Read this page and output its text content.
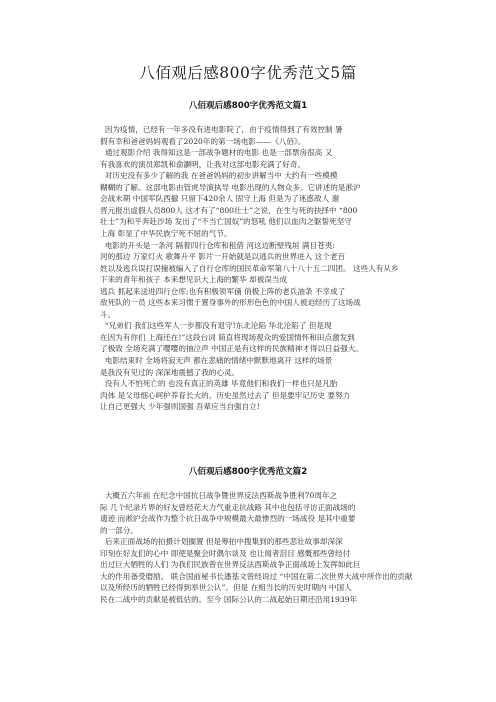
八佰观后感800字优秀范文5篇
八佰观后感800字优秀范文篇1
因为疫情，已经有一年多没有进电影院了，由于疫情得到了有效控制 暑
假有幸和爸爸妈妈观看了2020年的第一场电影——《八佰》。
通过观影介绍 我得知这是一部战争题材的电影 也是一部票房很高 又
有我喜欢的演员郑凯和俞灏明，让我对这部电影充满了好奇。
对历史没有多少了解的我 在爸爸妈妈的初步讲解当中 大约有一些模模
糊糊的了解。这部电影由管虎导演执导 电影出现的人物众多。它讲述的是淞沪
会战末期 中国军队西撤 只留下420余人 固守上海 但是为了迷惑敌人 谢
晋元报出虚假人员800人 这才有了“800壮士”之说，在生与死的抉择中 “800
壮士”为和平奔赴沙场 发出了“不当亡国奴”的怒吼 他们以血肉之躯誓死坚守
上海 彰显了中华民族宁死不屈的气节。
电影的开头是一条河 隔着四行仓库和租借 河这边断壁残垣 满目苍夷;
河的那边 万家灯火 歌舞升平 影片一开始就是以逃兵的世界进入 这个老百
姓以及逃兵误打误撞被编入了自行仓库的国民革命军第八十八十五二四团。 这些人有从乡
下来的青年和孩子 本来想见识大上海的繁华 却被误当成
逃兵 抓起来送进四行仓库;也有积极领军俑 俏极上阵的老兵油条 不幸成了
敌死队的一员 这些本来习惯于置身事外的形形色色的中国人被迫经历了这场战
斗。
“兄弟们 我们这些军人一步都没有退守!东北沦陷 华北沦陷了 但是现
在因为有你们 上海还在!”这段台词 简直将现场观众的爱国情怀和田点激发到
了极致 全场充满了嘤嘤的抽泣声 中国正是有这样的民族精神才得以日益强大。
电影结束时 全场将寂无声 都在悲痛的情绪中默默地离开 这样的场景
是我没有见过的 深深地震撼了我的心灵。
没有人不怕死亡的 也没有真正的英雄 毕竟他们和我们一样也只是凡胎
肉体 是父母细心呵护养育长大的。历史虽然过去了 但是要牢记历史 要努力
让自己更强大 少年强则国强 吾辈应当自强自立!
八佰观后感800字优秀范文篇2
大概五六年前 在纪念中国抗日战争暨世界反法西斯战争胜利70周年之
际 几个纪录片界的好友曾经花大力气重走抗战路 其中也包括寻访正面战场的
遗迹 而淞沪会战作为整个抗日战争中规模最大最惨烈的一场战役 是其中重要
的一部分。
后来正面战场的拍摄计划搁置 但是筹拍中搜集到的那些悲壮故事却深深
印刻在好友们的心中 即使是聚会时偶尔谈及 也让闻者泪目 感慨那些曾经付
出过巨大牺牲的人们 为我们民族曾在世界反法西斯战争正面战场上发挥如此巨
大的作用备受磨励。 联合国前秘书长潘基文曾经说过 “中国在第二次世界大战中所作出的贡献
以及所经历的牺牲已经得到举世公认”。但是 在相当长的历史时期内 中国人
民在二战中的贡献是被低估的。至今 国际公认的二战起始日期还沿用1939年
